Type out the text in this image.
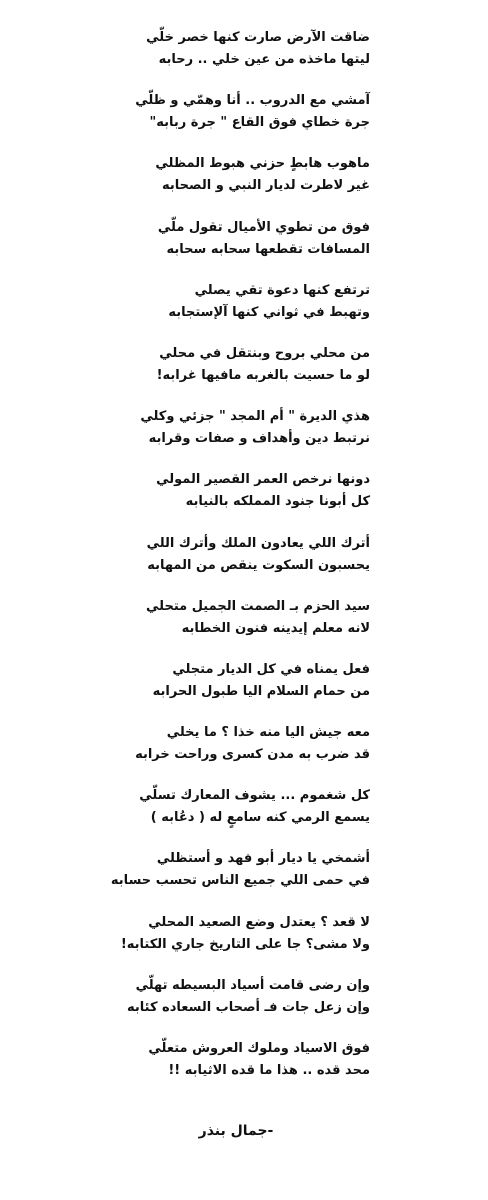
ضاقت الآرض صارت كنها خصر خلّي
ليتها ماخذه من عين خلي .. رحابه
آمشي مع الدروب .. أنا وهمّي و ظلّي
جرة خطاي فوق القاع " جرة ربابه"
ماهوب هابطٍ حزني هبوط المظلي
غير لاطرت لديار النبي و الصحابه
فوق من تطوي الأميال تقول ملّي
المسافات تقطعها سحابه سحابه
ترتفع كنها دعوة تقي يصلي
وتهبط في ثواني كنها آلإستجابه
من محلي بروح وبنتقل في محلي
لو ما حسيت بالغربه مافيها غرابه!
هذي الديرة " أم المجد " جزئي وكلي
نرتبط دين وأهداف و صفات وقرابه
دونها نرخص العمر القصير المولي
كل أبونا جنود المملكه بالنيابه
أترك اللي يعادون الملك وأترك اللي
يحسبون السكوت ينقص من المهابه
سيد الحزم بـ الصمت الجميل متحلي
لانه معلم إيدينه فنون الخطابه
فعل يمناه في كل الديار متجلي
من حمام السلام اليا طبول الحرابه
معه جيش اليا منه خذا ؟ ما يخلي
قد ضرب به مدن كسرى وراحت خرابه
كل شغموم ... يشوف المعارك تسلّي
يسمع الرمي كنه سامعٍ له ( دعُابه )
أشمخي يا ديار أبو فهد و أستظلي
في حمى اللي جميع الناس تحسب حسابه
لا قعد ؟ يعتدل وضع الصعيد المحلي
ولا مشى؟ جا على التاريخ جاري الكتابه!
وإن رضى قامت أسياد البسيطه تهلّي
وإن زعل جات فـ أصحاب السعاده كئابه
فوق الاسياد وملوك العروش متعلّي
محد قده .. هذا ما قده الاثيابه !!
-جمال بنذر
